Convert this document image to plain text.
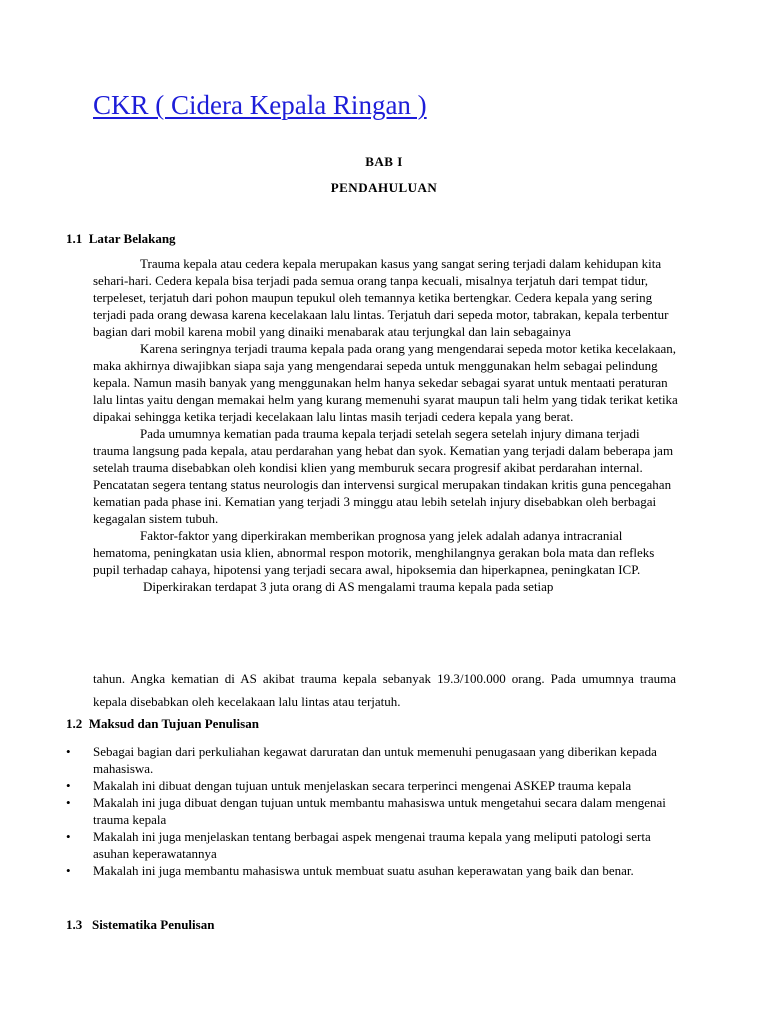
CKR ( Cidera Kepala Ringan )
BAB I
PENDAHULUAN
1.1 Latar Belakang

Trauma kepala atau cedera kepala merupakan kasus yang sangat sering terjadi dalam kehidupan kita sehari-hari. Cedera kepala bisa terjadi pada semua orang tanpa kecuali, misalnya terjatuh dari tempat tidur, terpeleset, terjatuh dari pohon maupun tepukul oleh temannya ketika bertengkar. Cedera kepala yang sering terjadi pada orang dewasa karena kecelakaan lalu lintas. Terjatuh dari sepeda motor, tabrakan, kepala terbentur bagian dari mobil karena mobil yang dinaiki menabarak atau terjungkal dan lain sebagainya

Karena seringnya terjadi trauma kepala pada orang yang mengendarai sepeda motor ketika kecelakaan, maka akhirnya diwajibkan siapa saja yang mengendarai sepeda untuk menggunakan helm sebagai pelindung kepala. Namun masih banyak yang menggunakan helm hanya sekedar sebagai syarat untuk mentaati peraturan lalu lintas yaitu dengan memakai helm yang kurang memenuhi syarat maupun tali helm yang tidak terikat ketika dipakai sehingga ketika terjadi kecelakaan lalu lintas masih terjadi cedera kepala yang berat.

Pada umumnya kematian pada trauma kepala terjadi setelah segera setelah injury dimana terjadi trauma langsung pada kepala, atau perdarahan yang hebat dan syok. Kematian yang terjadi dalam beberapa jam setelah trauma disebabkan oleh kondisi klien yang memburuk secara progresif akibat perdarahan internal. Pencatatan segera tentang status neurologis dan intervensi surgical merupakan tindakan kritis guna pencegahan kematian pada phase ini. Kematian yang terjadi 3 minggu atau lebih setelah injury disebabkan oleh berbagai kegagalan sistem tubuh.

Faktor-faktor yang diperkirakan memberikan prognosa yang jelek adalah adanya intracranial hematoma, peningkatan usia klien, abnormal respon motorik, menghilangnya gerakan bola mata dan refleks pupil terhadap cahaya, hipotensi yang terjadi secara awal, hipoksemia dan hiperkapnea, peningkatan ICP.

Diperkirakan terdapat 3 juta orang di AS mengalami trauma kepala pada setiap

tahun. Angka kematian di AS akibat trauma kepala sebanyak 19.3/100.000 orang. Pada umumnya trauma kepala disebabkan oleh kecelakaan lalu lintas atau terjatuh.
1.2 Maksud dan Tujuan Penulisan
• Sebagai bagian dari perkuliahan kegawat daruratan dan untuk memenuhi penugasaan yang diberikan kepada mahasiswa.
• Makalah ini dibuat dengan tujuan untuk menjelaskan secara terperinci mengenai ASKEP trauma kepala
• Makalah ini juga dibuat dengan tujuan untuk membantu mahasiswa untuk mengetahui secara dalam mengenai trauma kepala
• Makalah ini juga menjelaskan tentang berbagai aspek mengenai trauma kepala yang meliputi patologi serta asuhan keperawatannya
• Makalah ini juga membantu mahasiswa untuk membuat suatu asuhan keperawatan yang baik dan benar.
1.3 Sistematika Penulisan
